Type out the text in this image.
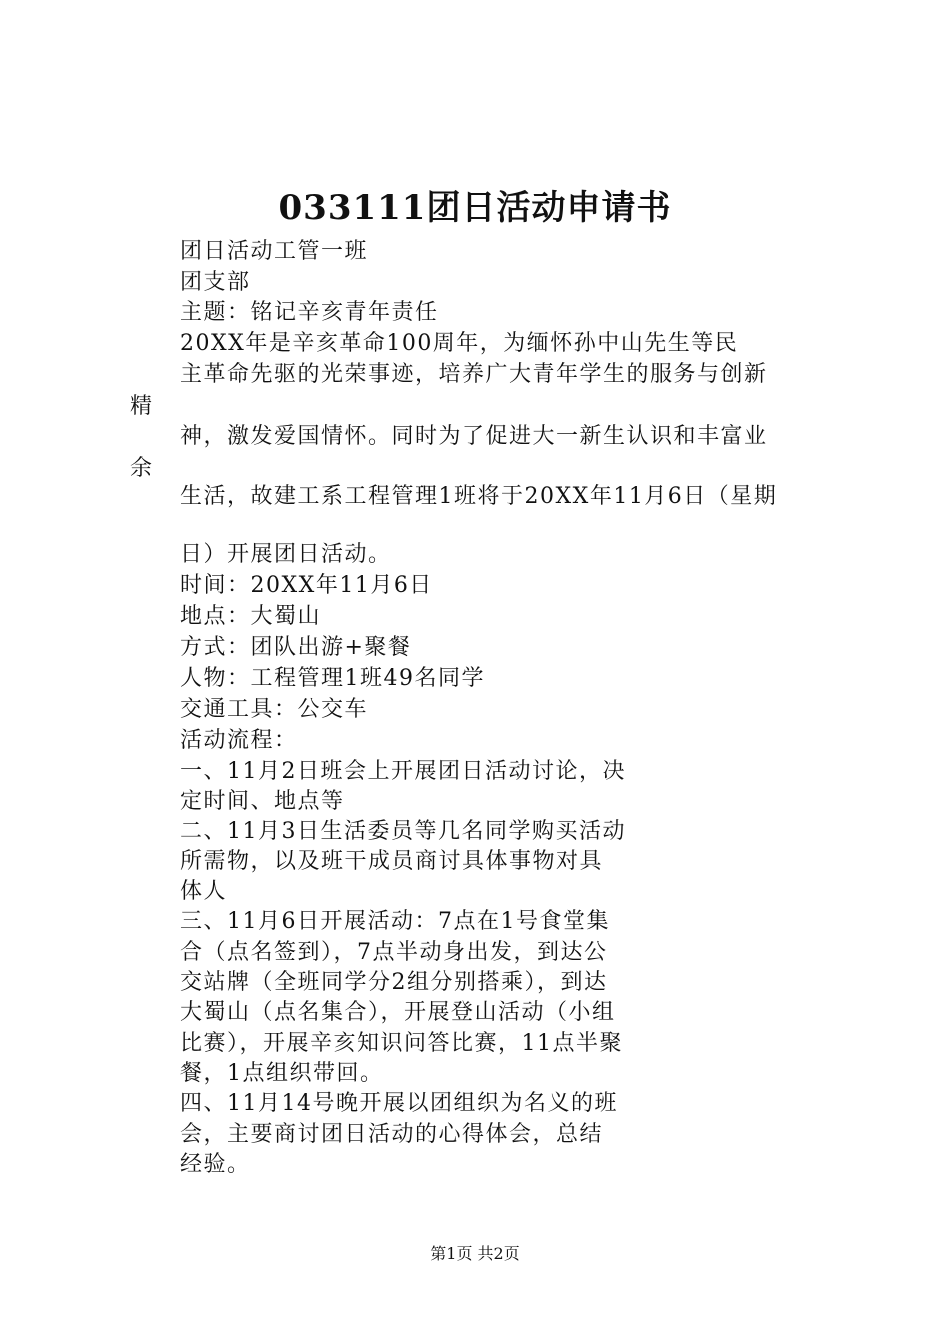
033111团日活动申请书
团日活动工管一班
团支部
主题：铭记辛亥青年责任
20XX年是辛亥革命100周年，为缅怀孙中山先生等民
主革命先驱的光荣事迹，培养广大青年学生的服务与创新
精
神，激发爱国情怀。同时为了促进大一新生认识和丰富业
余
生活，故建工系工程管理1班将于20XX年11月6日（星期
日）开展团日活动。
时间：20XX年11月6日
地点：大蜀山
方式：团队出游+聚餐
人物：工程管理1班49名同学
交通工具：公交车
活动流程：
一、11月2日班会上开展团日活动讨论，决
定时间、地点等
二、11月3日生活委员等几名同学购买活动
所需物，以及班干成员商讨具体事物对具
体人
三、11月6日开展活动：7点在1号食堂集
合（点名签到），7点半动身出发，到达公
交站牌（全班同学分2组分别搭乘），到达
大蜀山（点名集合），开展登山活动（小组
比赛），开展辛亥知识问答比赛，11点半聚
餐，1点组织带回。
四、11月14号晚开展以团组织为名义的班
会，主要商讨团日活动的心得体会，总结
经验。
第1页 共2页
